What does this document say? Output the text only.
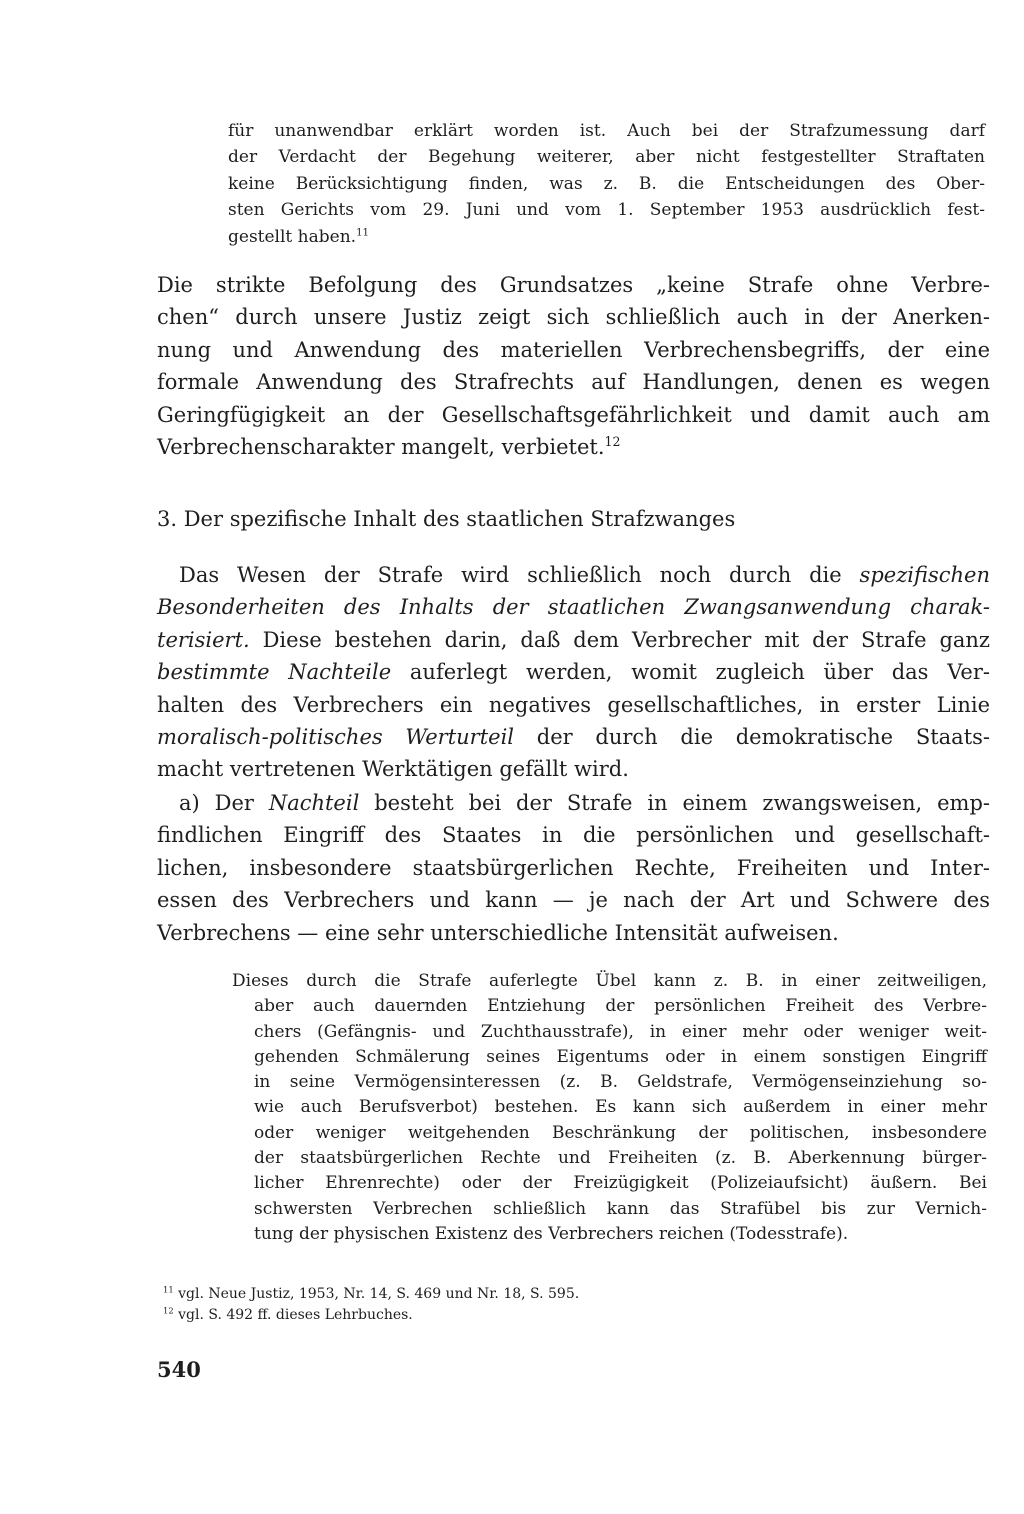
für unanwendbar erklärt worden ist. Auch bei der Strafzumessung darf
der Verdacht der Begehung weiterer, aber nicht festgestellter Straftaten
keine Berücksichtigung finden, was z. B. die Entscheidungen des Ober-
sten Gerichts vom 29. Juni und vom 1. September 1953 ausdrücklich fest-
gestellt haben.$^{11}$
Die strikte Befolgung des Grundsatzes „keine Strafe ohne Verbre-
chen“ durch unsere Justiz zeigt sich schließlich auch in der Anerken-
nung und Anwendung des materiellen Verbrechensbegriffs, der eine
formale Anwendung des Strafrechts auf Handlungen, denen es wegen
Geringfügigkeit an der Gesellschaftsgefährlichkeit und damit auch am
Verbrechenscharakter mangelt, verbietet.$^{12}$
3. Der spezifische Inhalt des staatlichen Strafzwanges
Das Wesen der Strafe wird schließlich noch durch die spezifischen
Besonderheiten des Inhalts der staatlichen Zwangsanwendung charak-
terisiert. Diese bestehen darin, daß dem Verbrecher mit der Strafe ganz
bestimmte Nachteile auferlegt werden, womit zugleich über das Ver-
halten des Verbrechers ein negatives gesellschaftliches, in erster Linie
moralisch-politisches Werturteil der durch die demokratische Staats-
macht vertretenen Werktätigen gefällt wird.
a) Der Nachteil besteht bei der Strafe in einem zwangsweisen, emp-
findlichen Eingriff des Staates in die persönlichen und gesellschaft-
lichen, insbesondere staatsbürgerlichen Rechte, Freiheiten und Inter-
essen des Verbrechers und kann — je nach der Art und Schwere des
Verbrechens — eine sehr unterschiedliche Intensität aufweisen.
Dieses durch die Strafe auferlegte Übel kann z. B. in einer zeitweiligen,
aber auch dauernden Entziehung der persönlichen Freiheit des Verbre-
chers (Gefängnis- und Zuchthausstrafe), in einer mehr oder weniger weit-
gehenden Schmälerung seines Eigentums oder in einem sonstigen Eingriff
in seine Vermögensinteressen (z. B. Geldstrafe, Vermögenseinziehung so-
wie auch Berufsverbot) bestehen. Es kann sich außerdem in einer mehr
oder weniger weitgehenden Beschränkung der politischen, insbesondere
der staatsbürgerlichen Rechte und Freiheiten (z. B. Aberkennung bürger-
licher Ehrenrechte) oder der Freizügigkeit (Polizeiaufsicht) äußern. Bei
schwersten Verbrechen schließlich kann das Strafübel bis zur Vernich-
tung der physischen Existenz des Verbrechers reichen (Todesstrafe).
$^{11}$ vgl. Neue Justiz, 1953, Nr. 14, S. 469 und Nr. 18, S. 595.
$^{12}$ vgl. S. 492 ff. dieses Lehrbuches.
540
